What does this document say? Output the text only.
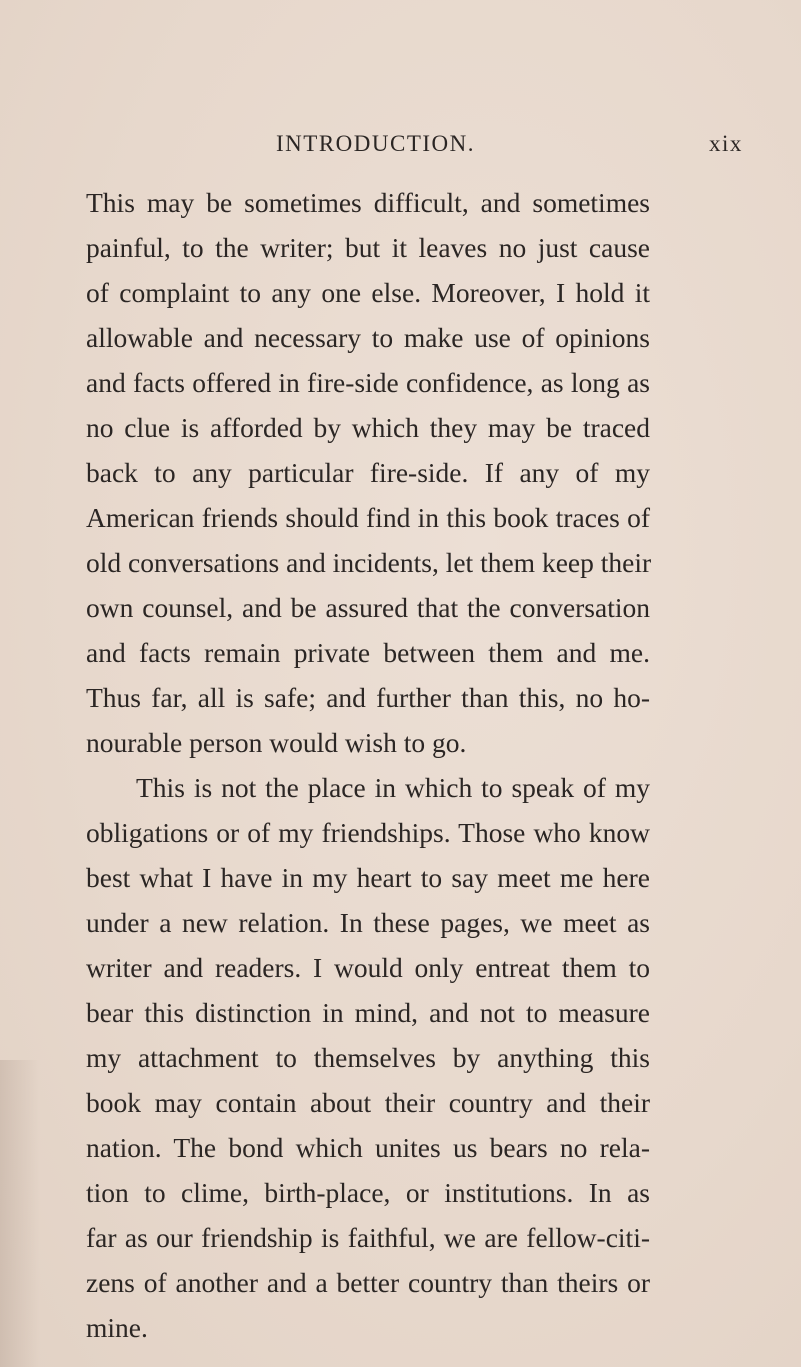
INTRODUCTION.	xix
This may be sometimes difficult, and sometimes
painful, to the writer; but it leaves no just cause
of complaint to any one else. Moreover, I hold it
allowable and necessary to make use of opinions
and facts offered in fire-side confidence, as long as
no clue is afforded by which they may be traced
back to any particular fire-side. If any of my
American friends should find in this book traces of
old conversations and incidents, let them keep their
own counsel, and be assured that the conversation
and facts remain private between them and me.
Thus far, all is safe; and further than this, no ho-
nourable person would wish to go.
This is not the place in which to speak of my
obligations or of my friendships. Those who know
best what I have in my heart to say meet me here
under a new relation. In these pages, we meet as
writer and readers. I would only entreat them to
bear this distinction in mind, and not to measure
my attachment to themselves by anything this
book may contain about their country and their
nation. The bond which unites us bears no rela-
tion to clime, birth-place, or institutions. In as
far as our friendship is faithful, we are fellow-citi-
zens of another and a better country than theirs or
mine.
